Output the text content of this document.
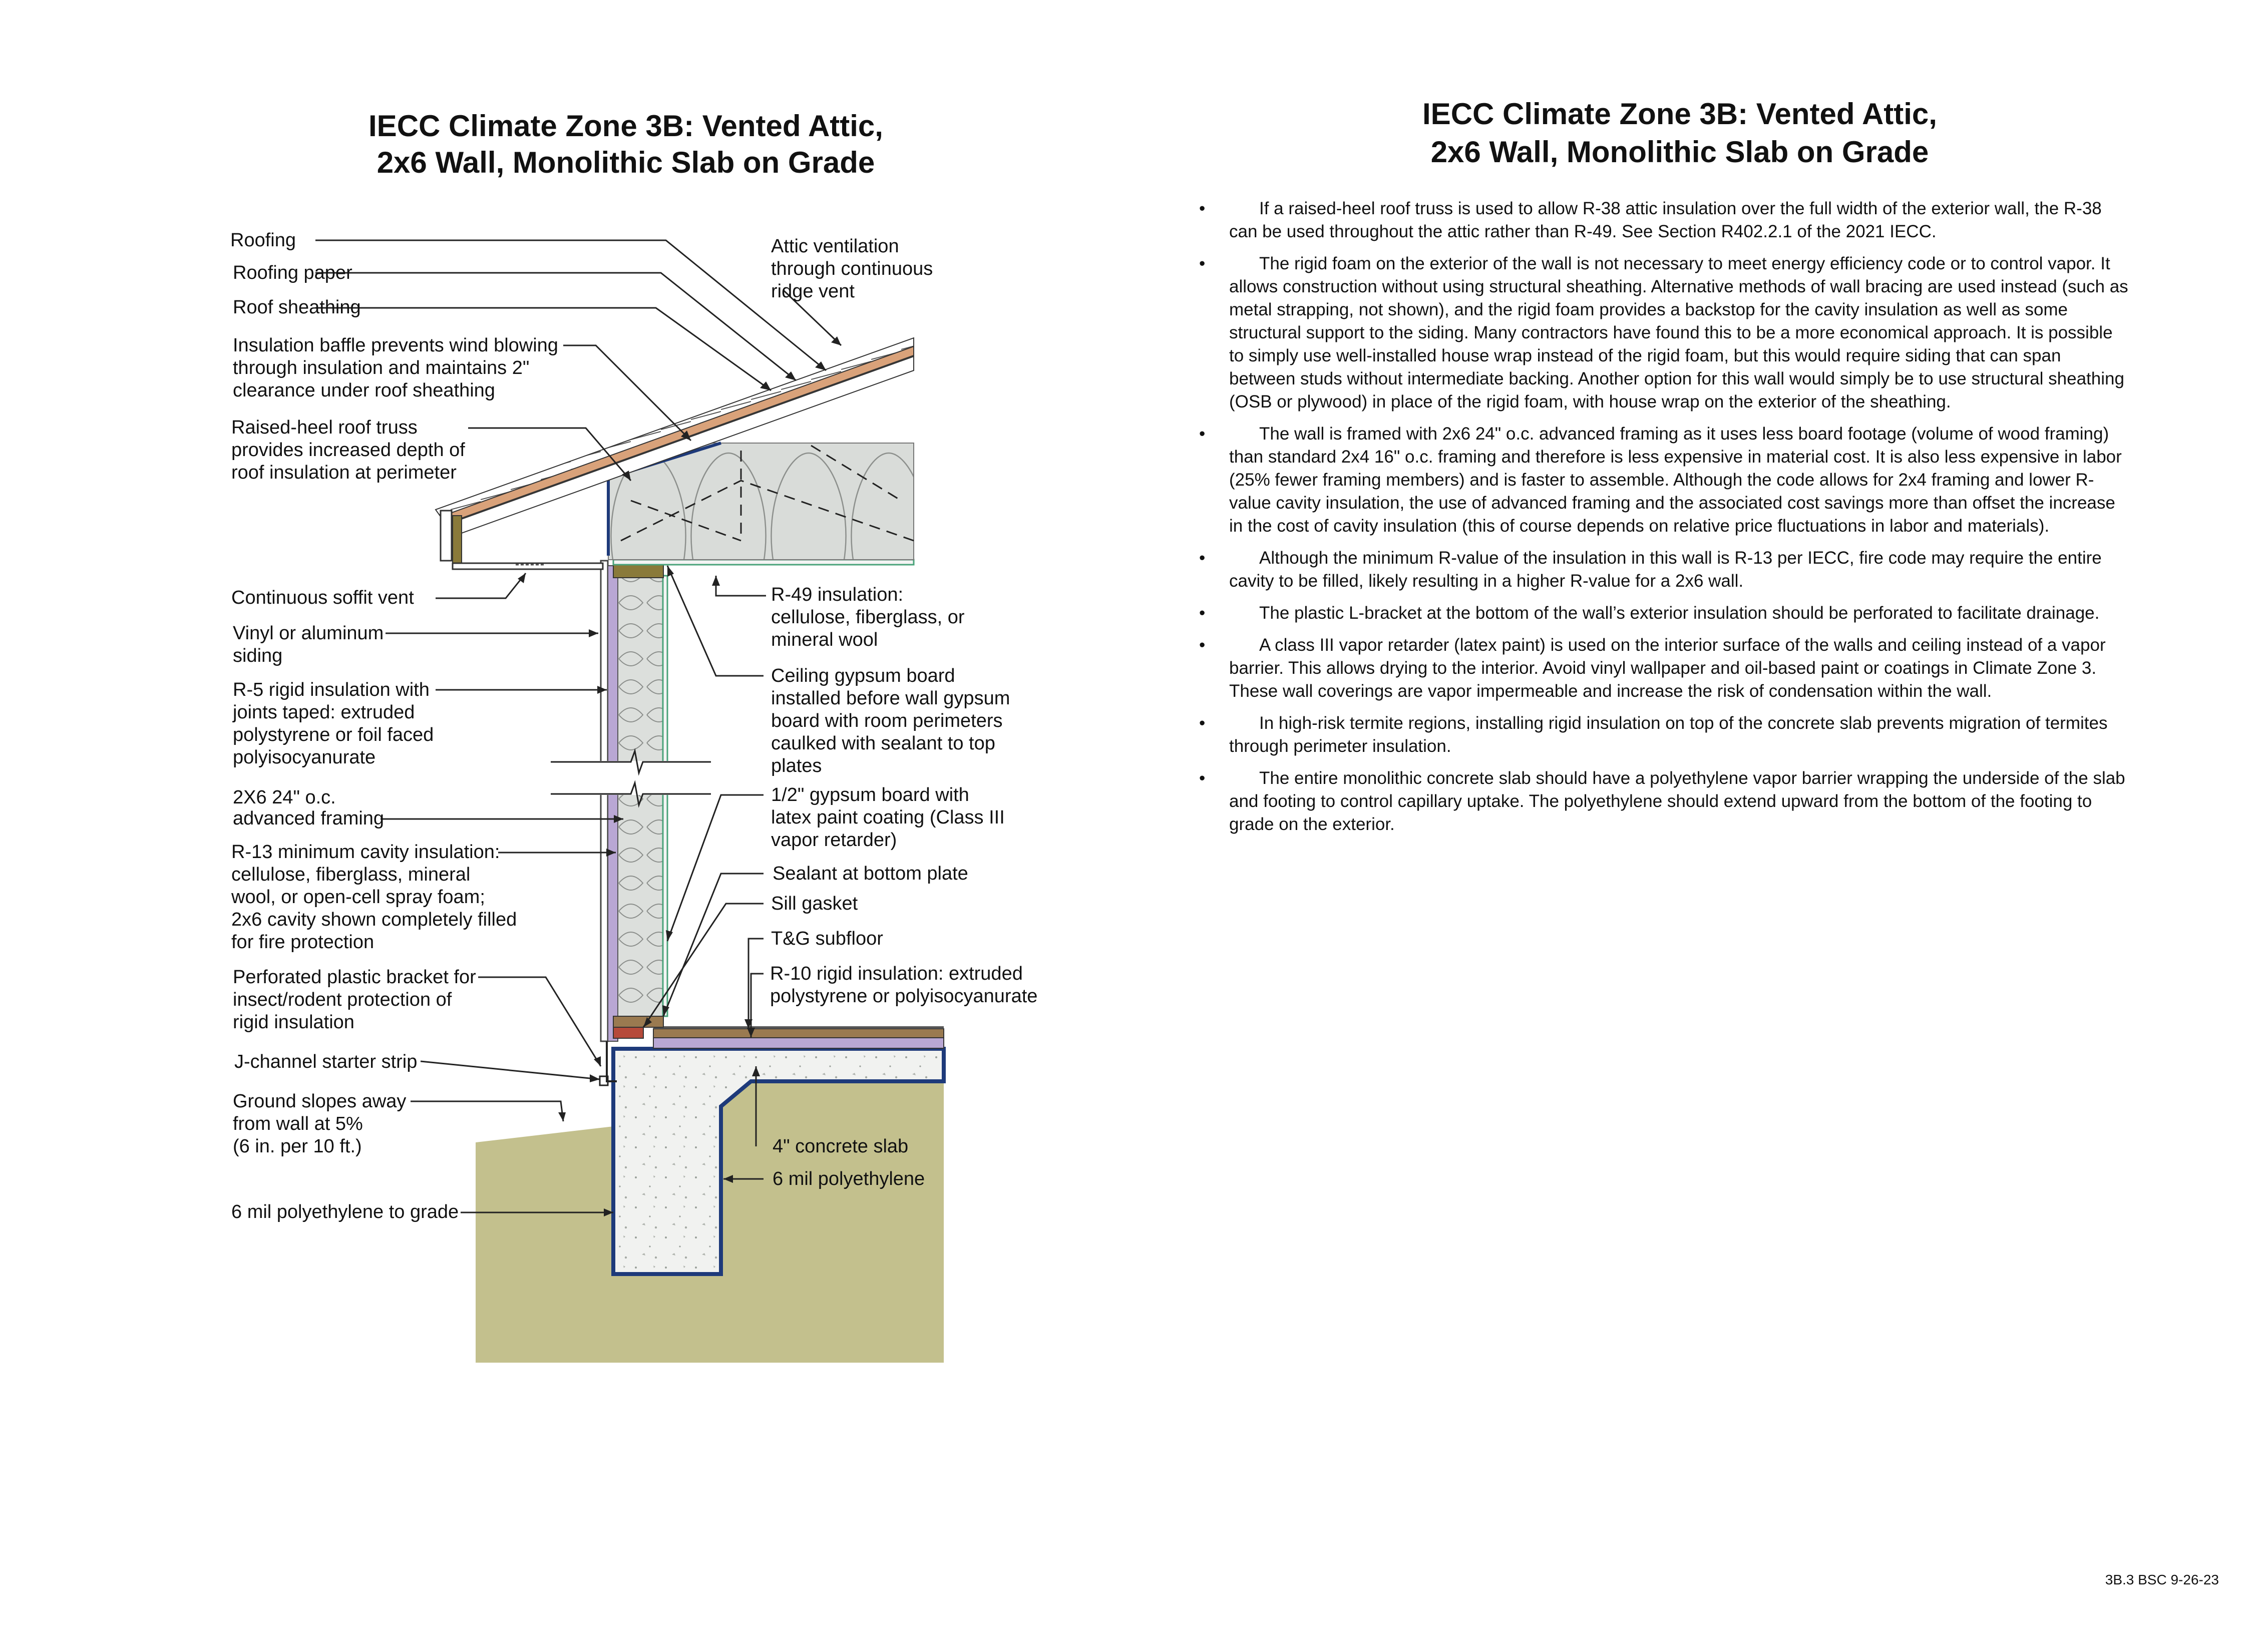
IECC Climate Zone 3B: Vented Attic,
2x6 Wall, Monolithic Slab on Grade
Roofing
Roofing paper
Roof sheathing
Insulation baffle prevents wind blowing through insulation and maintains 2" clearance under roof sheathing
Raised-heel roof truss provides increased depth of roof insulation at perimeter
Attic ventilation through continuous ridge vent
Continuous soffit vent
Vinyl or aluminum siding
R-5 rigid insulation with joints taped: extruded polystyrene or foil faced polyisocyanurate
2X6 24" o.c. advanced framing
R-13 minimum cavity insulation: cellulose, fiberglass, mineral wool, or open-cell spray foam; 2x6 cavity shown completely filled for fire protection
Perforated plastic bracket for insect/rodent protection of rigid insulation
J-channel starter strip
Ground slopes away from wall at 5% (6 in. per 10 ft.)
6 mil polyethylene to grade
R-49 insulation: cellulose, fiberglass, or mineral wool
Ceiling gypsum board installed before wall gypsum board with room perimeters caulked with sealant to top plates
1/2" gypsum board with latex paint coating (Class III vapor retarder)
Sealant at bottom plate
Sill gasket
T&G subfloor
R-10 rigid insulation: extruded polystyrene or polyisocyanurate
4" concrete slab
6 mil polyethylene
IECC Climate Zone 3B: Vented Attic,
2x6 Wall, Monolithic Slab on Grade
• If a raised-heel roof truss is used to allow R-38 attic insulation over the full width of the exterior wall, the R-38 can be used throughout the attic rather than R-49. See Section R402.2.1 of the 2021 IECC.
• The rigid foam on the exterior of the wall is not necessary to meet energy efficiency code or to control vapor. It allows construction without using structural sheathing. Alternative methods of wall bracing are used instead (such as metal strapping, not shown), and the rigid foam provides a backstop for the cavity insulation as well as some structural support to the siding. Many contractors have found this to be a more economical approach. It is possible to simply use well-installed house wrap instead of the rigid foam, but this would require siding that can span between studs without intermediate backing. Another option for this wall would simply be to use structural sheathing (OSB or plywood) in place of the rigid foam, with house wrap on the exterior of the sheathing.
• The wall is framed with 2x6 24" o.c. advanced framing as it uses less board footage (volume of wood framing) than standard 2x4 16" o.c. framing and therefore is less expensive in material cost. It is also less expensive in labor (25% fewer framing members) and is faster to assemble. Although the code allows for 2x4 framing and lower R-value cavity insulation, the use of advanced framing and the associated cost savings more than offset the increase in the cost of cavity insulation (this of course depends on relative price fluctuations in labor and materials).
• Although the minimum R-value of the insulation in this wall is R-13 per IECC, fire code may require the entire cavity to be filled, likely resulting in a higher R-value for a 2x6 wall.
• The plastic L-bracket at the bottom of the wall’s exterior insulation should be perforated to facilitate drainage.
• A class III vapor retarder (latex paint) is used on the interior surface of the walls and ceiling instead of a vapor barrier. This allows drying to the interior. Avoid vinyl wallpaper and oil-based paint or coatings in Climate Zone 3. These wall coverings are vapor impermeable and increase the risk of condensation within the wall.
• In high-risk termite regions, installing rigid insulation on top of the concrete slab prevents migration of termites through perimeter insulation.
• The entire monolithic concrete slab should have a polyethylene vapor barrier wrapping the underside of the slab and footing to control capillary uptake. The polyethylene should extend upward from the bottom of the footing to grade on the exterior.
3B.3 BSC 9-26-23
